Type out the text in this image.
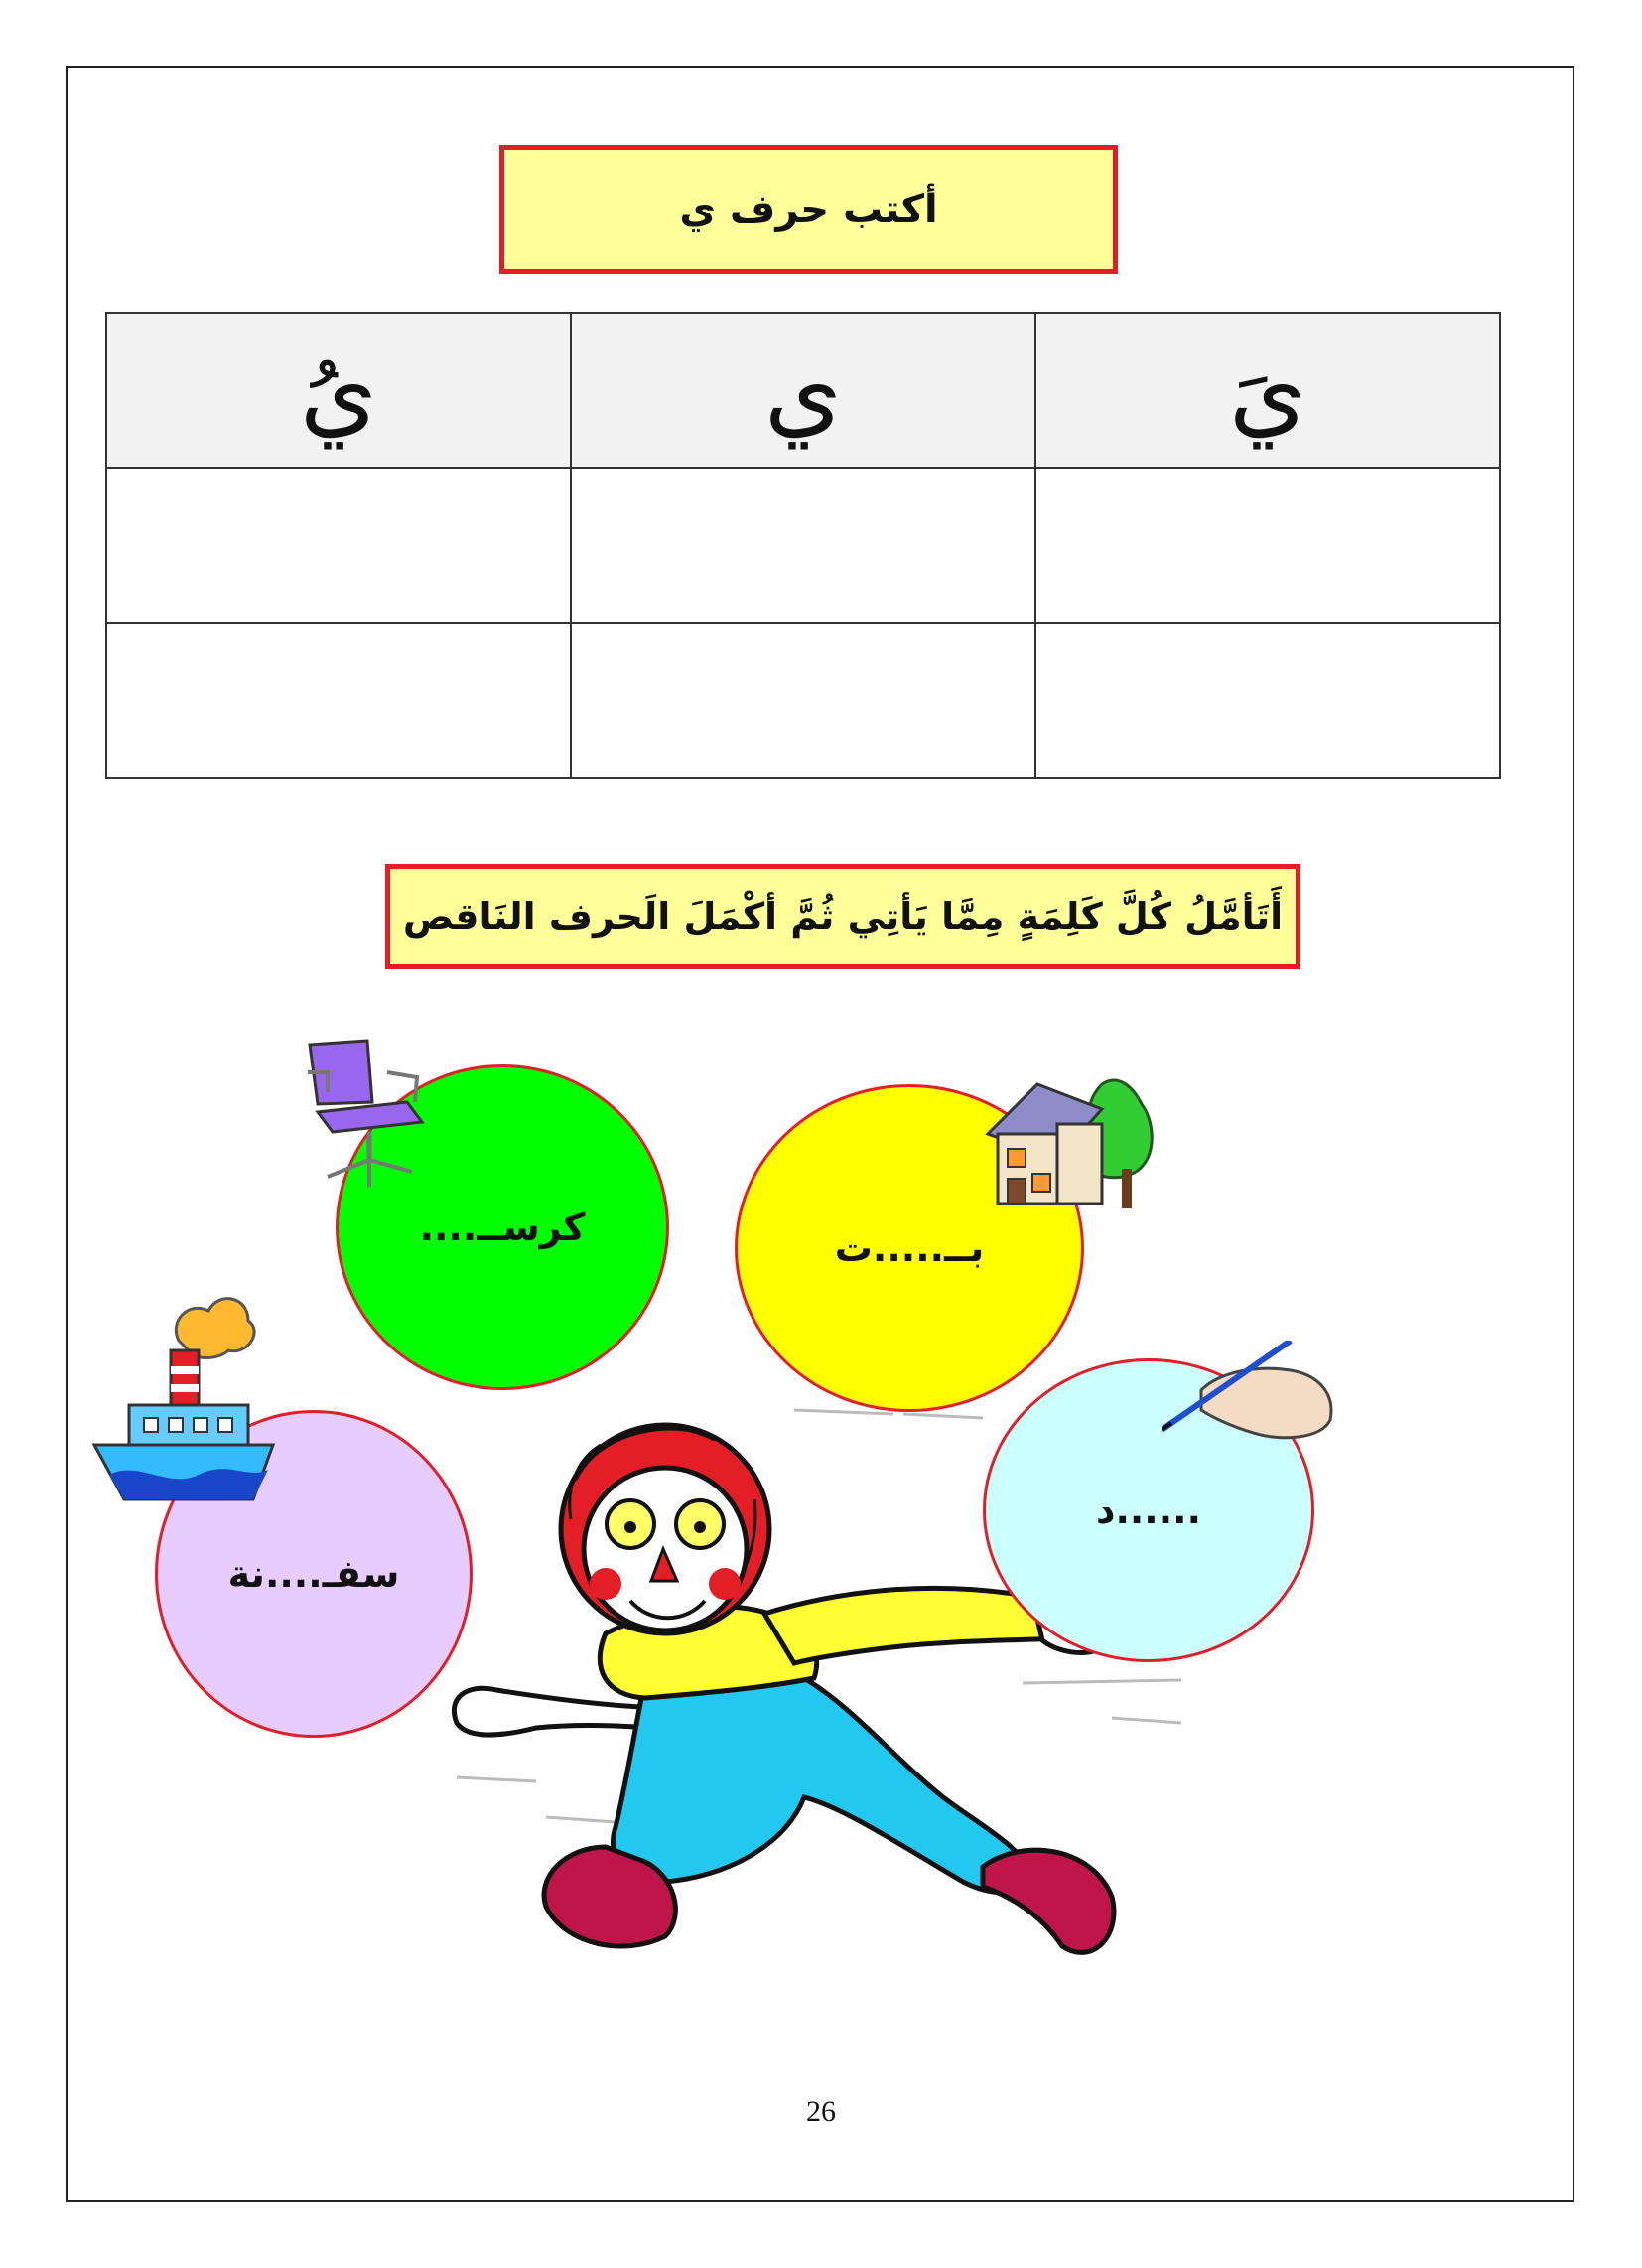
أكتب حرف ي
يَ	ي	يُ

أَتَأمَّلُ كُلَّ كَلِمَةٍ مِمَّا يَأتِي ثُمَّ أكْمَلَ الَحرف النَاقص
كرســ....	بــ.....ت
......د
سفـ....نة
26
